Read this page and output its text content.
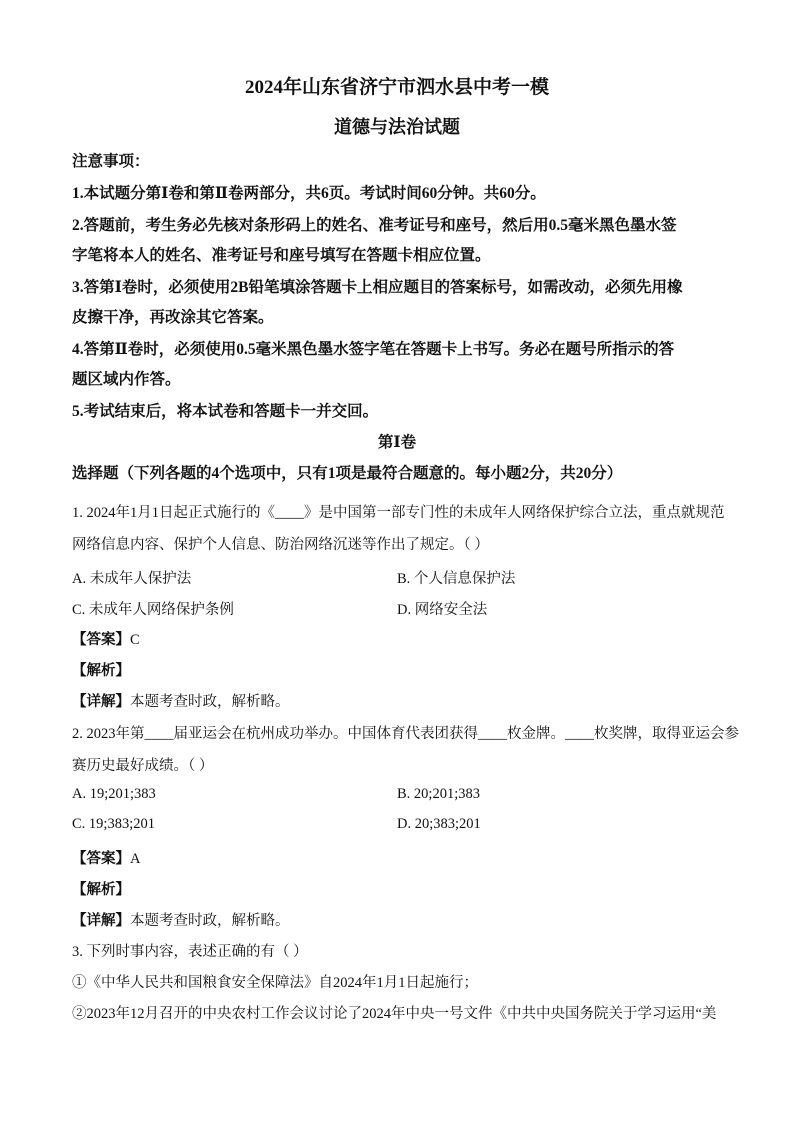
2024年山东省济宁市泗水县中考一模
道德与法治试题
注意事项：
1.本试题分第Ⅰ卷和第Ⅱ卷两部分，共6页。考试时间60分钟。共60分。
2.答题前，考生务必先核对条形码上的姓名、准考证号和座号，然后用0.5毫米黑色墨水签
字笔将本人的姓名、准考证号和座号填写在答题卡相应位置。
3.答第Ⅰ卷时，必须使用2B铅笔填涂答题卡上相应题目的答案标号，如需改动，必须先用橡
皮擦干净，再改涂其它答案。
4.答第Ⅱ卷时，必须使用0.5毫米黑色墨水签字笔在答题卡上书写。务必在题号所指示的答
题区域内作答。
5.考试结束后，将本试卷和答题卡一并交回。
第Ⅰ卷
选择题（下列各题的4个选项中，只有1项是最符合题意的。每小题2分，共20分）
1. 2024年1月1日起正式施行的《____》是中国第一部专门性的未成年人网络保护综合立法，重点就规范
网络信息内容、保护个人信息、防治网络沉迷等作出了规定。（ ）
A. 未成年人保护法	B. 个人信息保护法
C. 未成年人网络保护条例	D. 网络安全法
【答案】C
【解析】
【详解】本题考查时政，解析略。
2. 2023年第____届亚运会在杭州成功举办。中国体育代表团获得____枚金牌。____枚奖牌，取得亚运会参
赛历史最好成绩。（ ）
A. 19;201;383	B. 20;201;383
C. 19;383;201	D. 20;383;201
【答案】A
【解析】
【详解】本题考查时政，解析略。
3. 下列时事内容，表述正确的有（ ）
①《中华人民共和国粮食安全保障法》自2024年1月1日起施行；
②2023年12月召开的中央农村工作会议讨论了2024年中央一号文件《中共中央国务院关于学习运用“美
